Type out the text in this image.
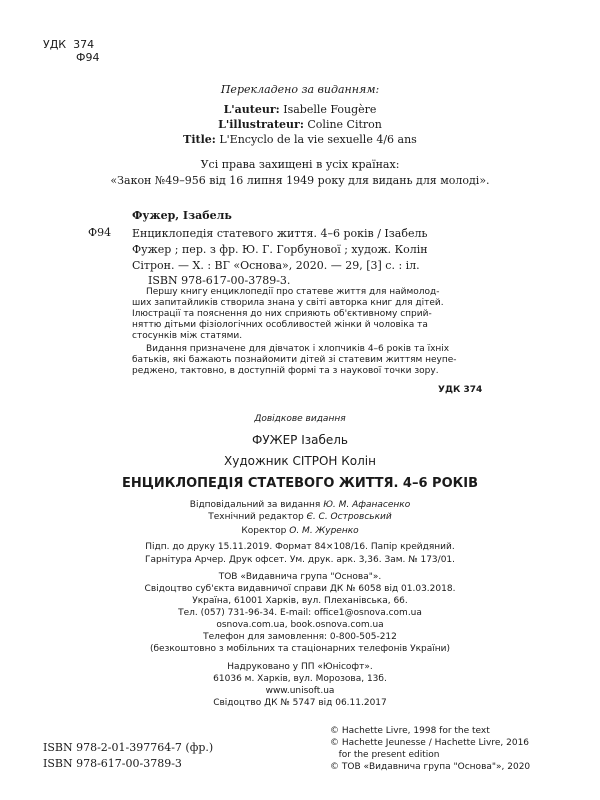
УДК 374
Ф94
Перекладено за виданням:
L'auteur: Isabelle Fougère
L'illustrateur: Coline Citron
Title: L'Encyclo de la vie sexuelle 4/6 ans
Усі права захищені в усіх країнах:
«Закон №49–956 від 16 липня 1949 року для видань для молоді».
Фужер, Ізабель
Ф94 Енциклопедія статевого життя. 4–6 років / Ізабель
Фужер ; пер. з фр. Ю. Г. Горбунової ; худож. Колін
Сітрон. — Х. : ВГ «Основа», 2020. — 29, [3] с. : іл.
ISBN 978-617-00-3789-3.
Першу книгу енциклопедії про статеве життя для наймолод-
ших запитайликів створила знана у світі авторка книг для дітей.
Ілюстрації та пояснення до них сприяють об'єктивному сприй-
няттю дітьми фізіологічних особливостей жінки й чоловіка та
стосунків між статями.
Видання призначене для дівчаток і хлопчиків 4–6 років та їхніх
батьків, які бажають познайомити дітей зі статевим життям неупе-
реджено, тактовно, в доступній формі та з наукової точки зору.
УДК 374
Довідкове видання
ФУЖЕР Ізабель
Художник СІТРОН Колін
ЕНЦИКЛОПЕДІЯ СТАТЕВОГО ЖИТТЯ. 4–6 РОКІВ
Відповідальний за видання Ю. М. Афанасенко
Технічний редактор Є. С. Островський
Коректор О. М. Журенко
Підп. до друку 15.11.2019. Формат 84×108/16. Папір крейдяний.
Гарнітура Арчер. Друк офсет. Ум. друк. арк. 3,36. Зам. № 173/01.
ТОВ «Видавнича група "Основа"».
Свідоцтво суб'єкта видавничої справи ДК № 6058 від 01.03.2018.
Україна, 61001 Харків, вул. Плеханівська, 66.
Тел. (057) 731-96-34. E-mail: office1@osnova.com.ua
osnova.com.ua, book.osnova.com.ua
Телефон для замовлення: 0-800-505-212
(безкоштовно з мобільних та стаціонарних телефонів України)
Надруковано у ПП «Юнісофт».
61036 м. Харків, вул. Морозова, 13б.
www.unisoft.ua
Свідоцтво ДК № 5747 від 06.11.2017
ISBN 978-2-01-397764-7 (фр.)
ISBN 978-617-00-3789-3
© Hachette Livre, 1998 for the text
© Hachette Jeunesse / Hachette Livre, 2016
for the present edition
© ТОВ «Видавнича група "Основа"», 2020
